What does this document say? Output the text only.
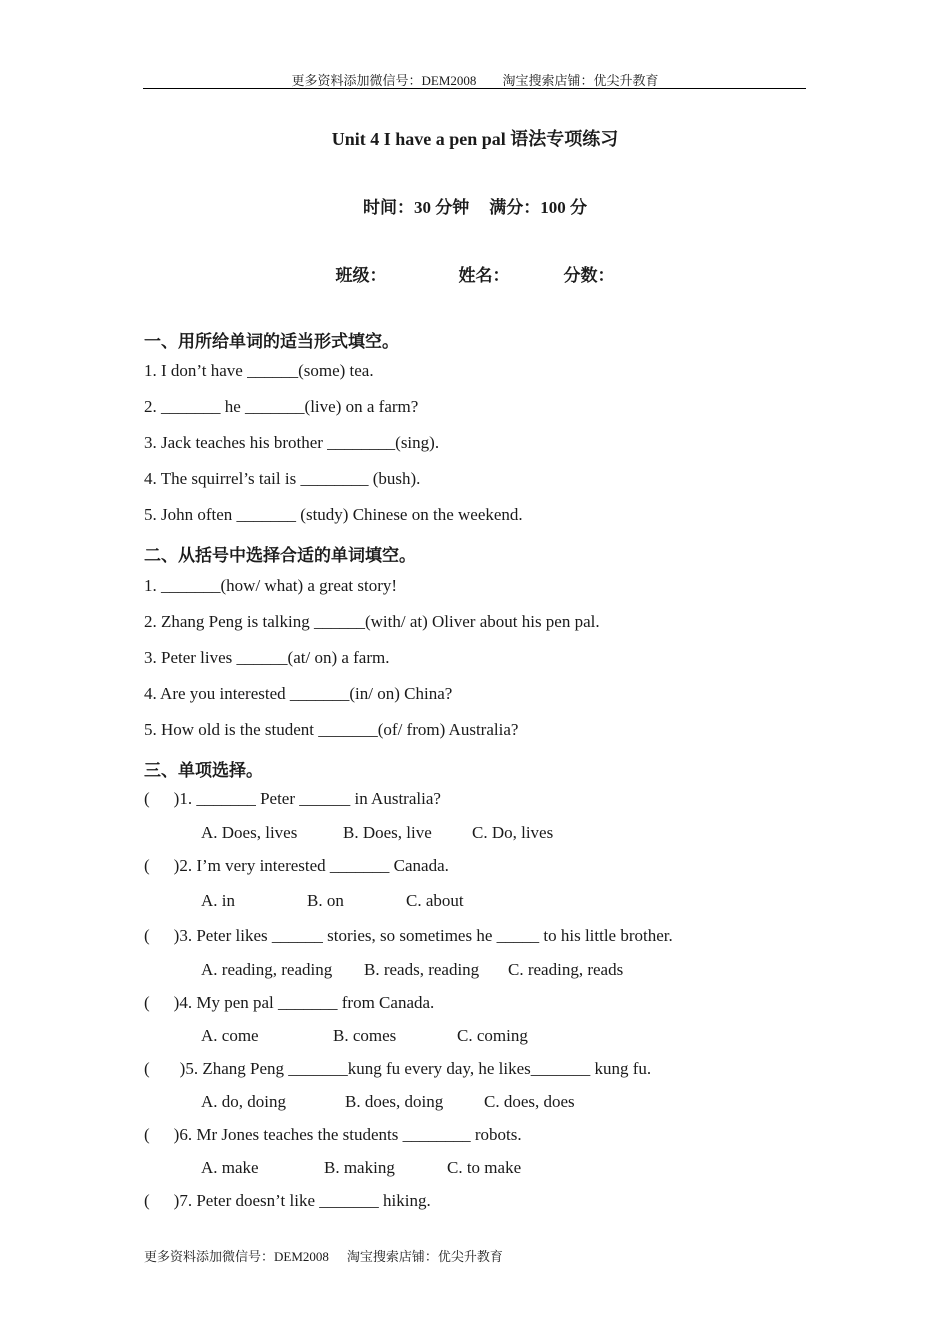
更多资料添加微信号：DEM2008 淘宝搜索店铺：优尖升教育
Unit 4 I have a pen pal 语法专项练习
时间：30 分钟 满分：100 分
班级：	姓名：	分数：
一、用所给单词的适当形式填空。
1. I don’t have ______(some) tea.
2. _______ he _______(live) on a farm?
3. Jack teaches his brother ________(sing).
4. The squirrel’s tail is ________ (bush).
5. John often _______ (study) Chinese on the weekend.
二、从括号中选择合适的单词填空。
1. _______(how/ what) a great story!
2. Zhang Peng is talking ______(with/ at) Oliver about his pen pal.
3. Peter lives ______(at/ on) a farm.
4. Are you interested _______(in/ on) China?
5. How old is the student _______(of/ from) Australia?
三、单项选择。
( )1. _______ Peter ______ in Australia?
A. Does, lives	B. Does, live C. Do, lives
( )2. I’m very interested _______ Canada.
A. in	B. on	C. about
( )3. Peter likes ______ stories, so sometimes he _____ to his little brother.
A. reading, reading B. reads, reading C. reading, reads
( )4. My pen pal _______ from Canada.
A. come	B. comes	C. coming
( )5. Zhang Peng _______kung fu every day, he likes_______ kung fu.
A. do, doing	B. does, doing C. does, does
( )6. Mr Jones teaches the students ________ robots.
A. make	B. making	C. to make
( )7. Peter doesn’t like _______ hiking.
更多资料添加微信号：DEM2008 淘宝搜索店铺：优尖升教育
